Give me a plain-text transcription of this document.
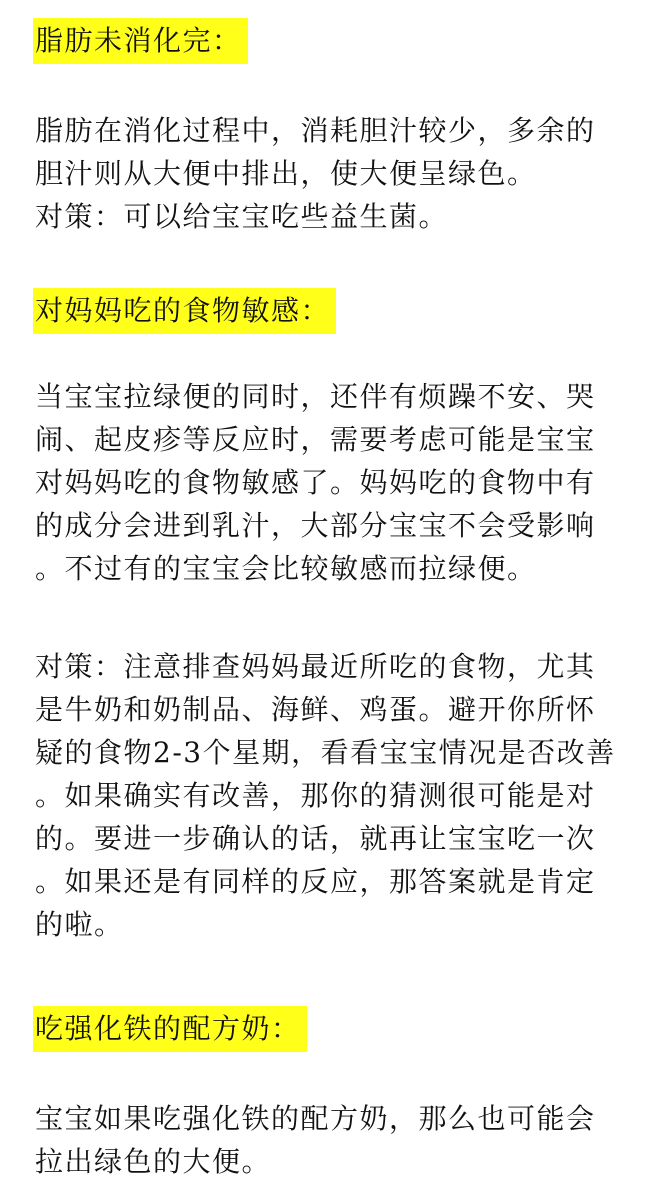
脂肪未消化完：
脂肪在消化过程中，消耗胆汁较少，多余的
胆汁则从大便中排出，使大便呈绿色。
对策：可以给宝宝吃些益生菌。
对妈妈吃的食物敏感：
当宝宝拉绿便的同时，还伴有烦躁不安、哭
闹、起皮疹等反应时，需要考虑可能是宝宝
对妈妈吃的食物敏感了。妈妈吃的食物中有
的成分会进到乳汁，大部分宝宝不会受影响
。不过有的宝宝会比较敏感而拉绿便。
对策：注意排查妈妈最近所吃的食物，尤其
是牛奶和奶制品、海鲜、鸡蛋。避开你所怀
疑的食物2-3个星期，看看宝宝情况是否改善
。如果确实有改善，那你的猜测很可能是对
的。要进一步确认的话，就再让宝宝吃一次
。如果还是有同样的反应，那答案就是肯定
的啦。
吃强化铁的配方奶：
宝宝如果吃强化铁的配方奶，那么也可能会
拉出绿色的大便。
